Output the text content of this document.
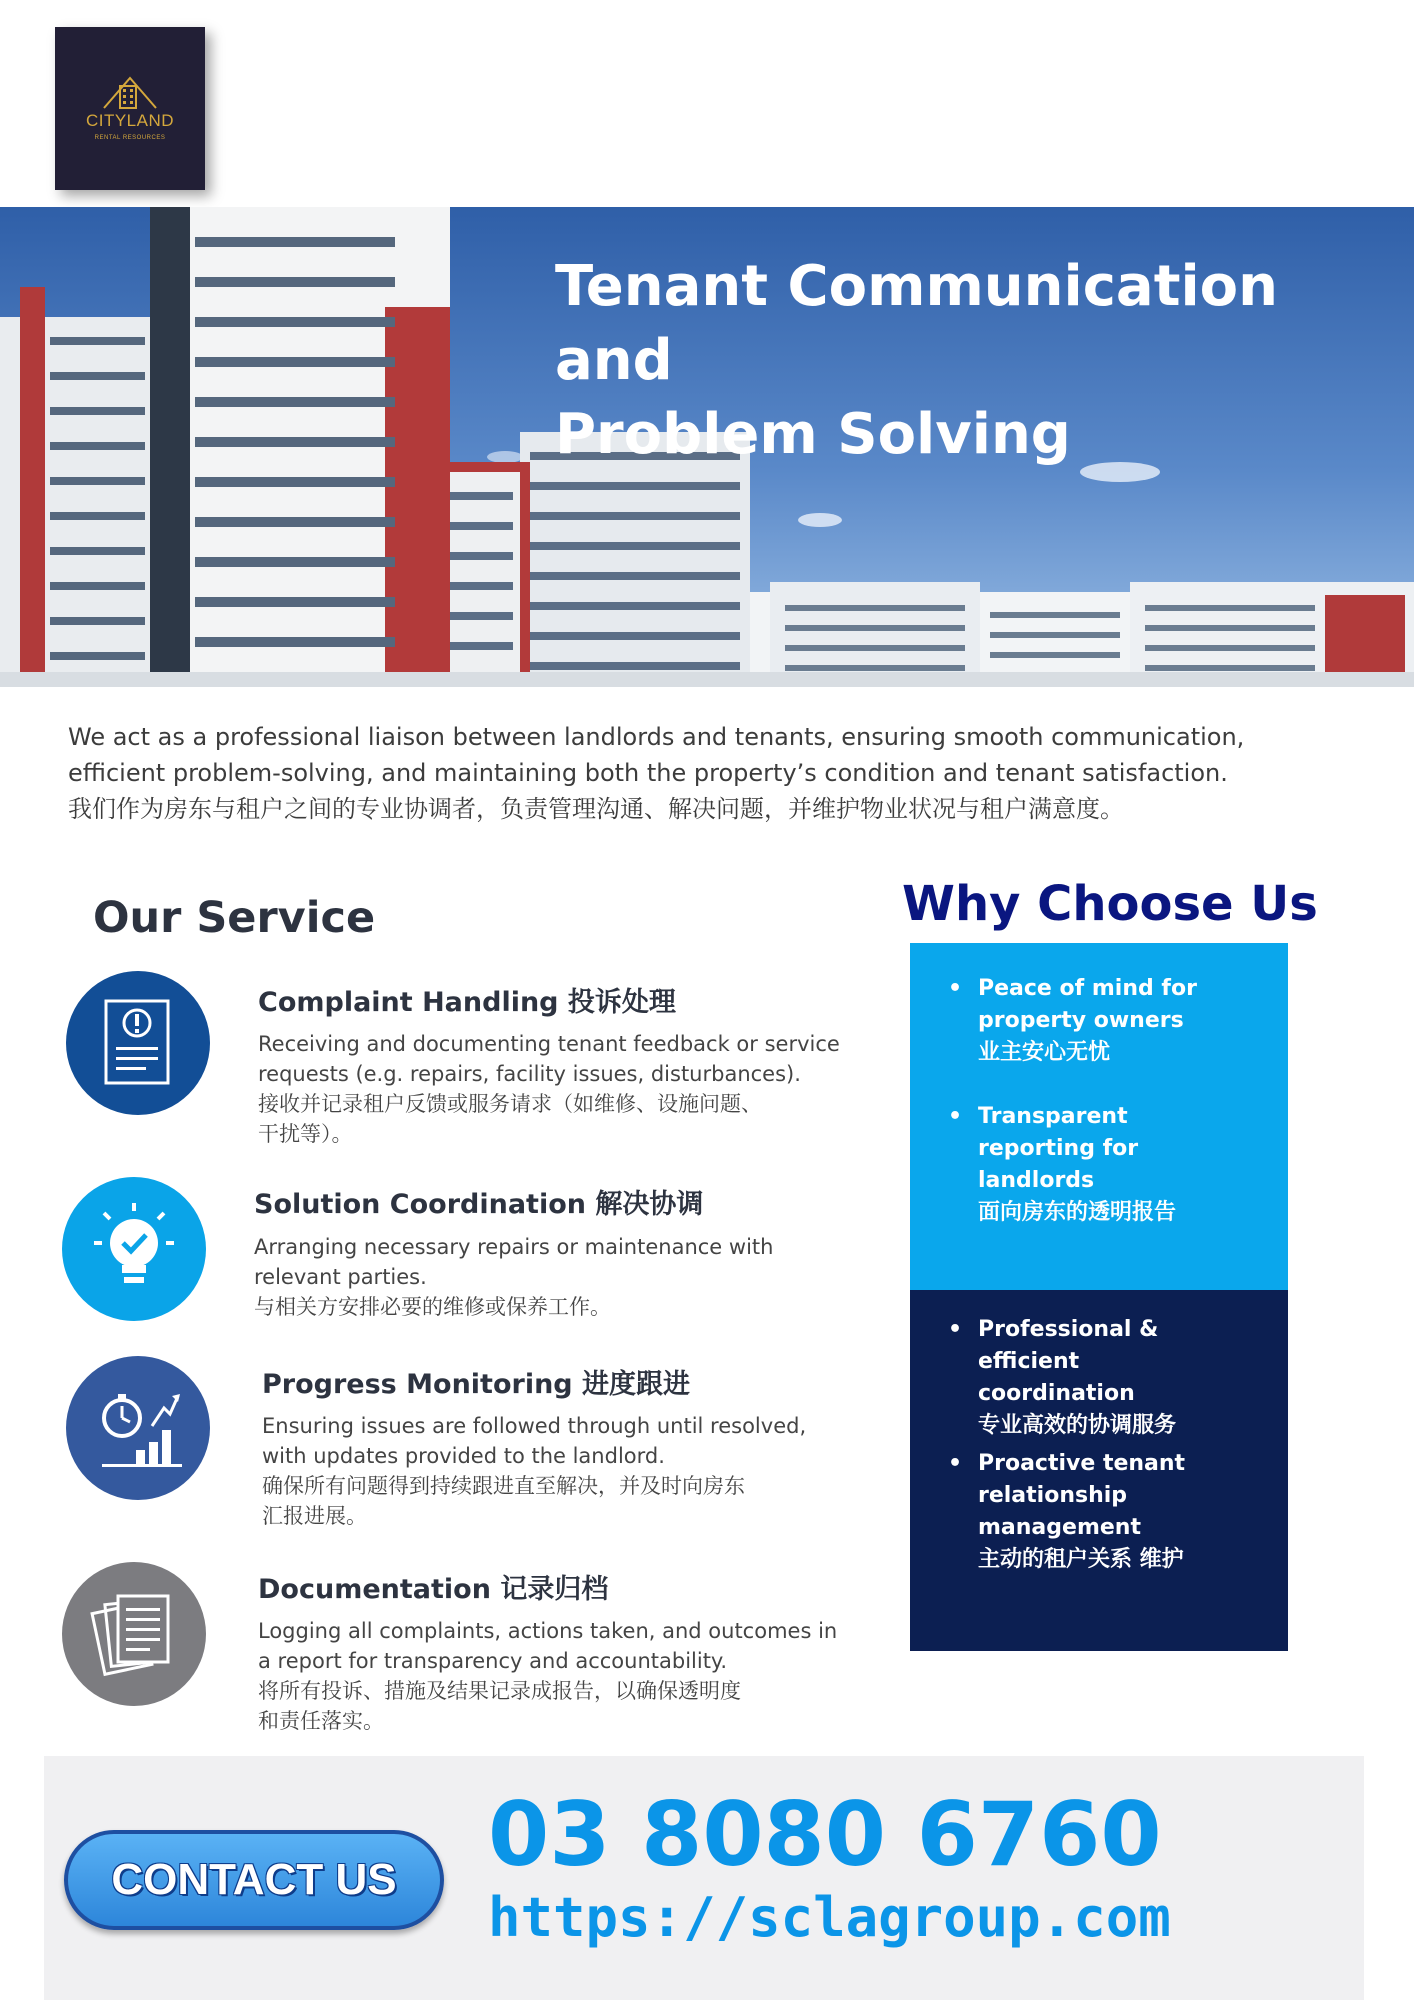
CITYLAND
RENTAL RESOURCES
Tenant Communication and
Problem Solving
We act as a professional liaison between landlords and tenants, ensuring smooth communication,
efficient problem-solving, and maintaining both the property’s condition and tenant satisfaction.
我们作为房东与租户之间的专业协调者，负责管理沟通、解决问题，并维护物业状况与租户满意度。
Our Service
Complaint Handling 投诉处理
Receiving and documenting tenant feedback or service
requests (e.g. repairs, facility issues, disturbances).
接收并记录租户反馈或服务请求（如维修、设施问题、
干扰等）。
Solution Coordination 解决协调
Arranging necessary repairs or maintenance with
relevant parties.
与相关方安排必要的维修或保养工作。
Progress Monitoring 进度跟进
Ensuring issues are followed through until resolved,
with updates provided to the landlord.
确保所有问题得到持续跟进直至解决，并及时向房东
汇报进展。
Documentation 记录归档
Logging all complaints, actions taken, and outcomes in
a report for transparency and accountability.
将所有投诉、措施及结果记录成报告，以确保透明度
和责任落实。
Why Choose Us
• Peace of mind for property owners
业主安心无忧
• Transparent reporting for landlords
面向房东的透明报告
• Professional & efficient coordination
专业高效的协调服务
• Proactive tenant relationship management
主动的租户关系 维护
CONTACT US	03 8080 6760
https://sclagroup.com
